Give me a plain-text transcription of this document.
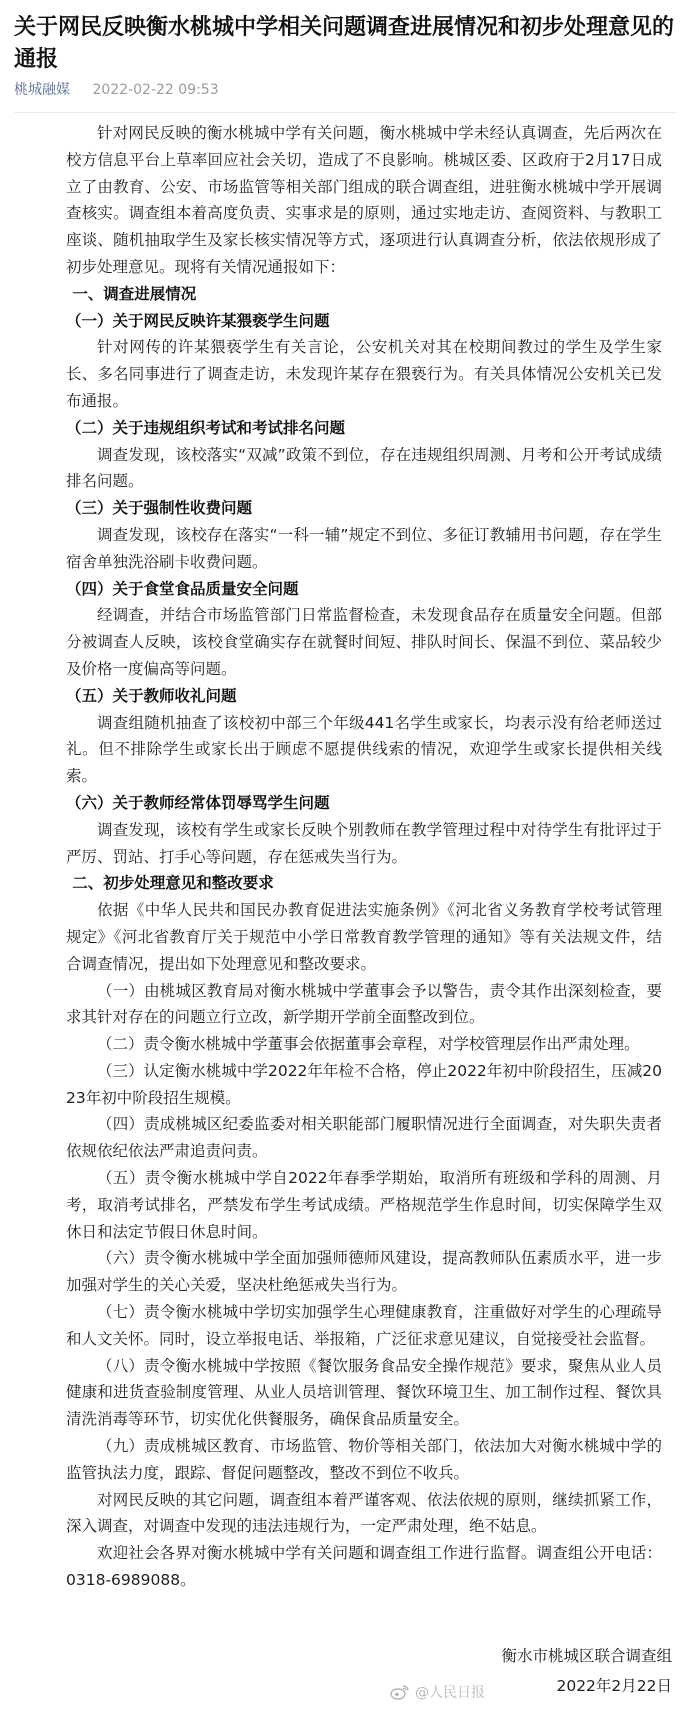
关于网民反映衡水桃城中学相关问题调查进展情况和初步处理意见的通报
桃城融媒 2022-02-22 09:53

针对网民反映的衡水桃城中学有关问题，衡水桃城中学未经认真调查，先后两次在校方信息平台上草率回应社会关切，造成了不良影响。桃城区委、区政府于2月17日成立了由教育、公安、市场监管等相关部门组成的联合调查组，进驻衡水桃城中学开展调查核实。调查组本着高度负责、实事求是的原则，通过实地走访、查阅资料、与教职工座谈、随机抽取学生及家长核实情况等方式，逐项进行认真调查分析，依法依规形成了初步处理意见。现将有关情况通报如下：

一、调查进展情况

（一）关于网民反映许某猥亵学生问题

针对网传的许某猥亵学生有关言论，公安机关对其在校期间教过的学生及学生家长、多名同事进行了调查走访，未发现许某存在猥亵行为。有关具体情况公安机关已发布通报。

（二）关于违规组织考试和考试排名问题

调查发现，该校落实“双减”政策不到位，存在违规组织周测、月考和公开考试成绩排名问题。

（三）关于强制性收费问题

调查发现，该校存在落实“一科一辅”规定不到位、多征订教辅用书问题，存在学生宿舍单独洗浴刷卡收费问题。

（四）关于食堂食品质量安全问题

经调查，并结合市场监管部门日常监督检查，未发现食品存在质量安全问题。但部分被调查人反映，该校食堂确实存在就餐时间短、排队时间长、保温不到位、菜品较少及价格一度偏高等问题。

（五）关于教师收礼问题

调查组随机抽查了该校初中部三个年级441名学生或家长，均表示没有给老师送过礼。但不排除学生或家长出于顾虑不愿提供线索的情况，欢迎学生或家长提供相关线索。

（六）关于教师经常体罚辱骂学生问题

调查发现，该校有学生或家长反映个别教师在教学管理过程中对待学生有批评过于严厉、罚站、打手心等问题，存在惩戒失当行为。

二、初步处理意见和整改要求

依据《中华人民共和国民办教育促进法实施条例》《河北省义务教育学校考试管理规定》《河北省教育厅关于规范中小学日常教育教学管理的通知》等有关法规文件，结合调查情况，提出如下处理意见和整改要求。

（一）由桃城区教育局对衡水桃城中学董事会予以警告，责令其作出深刻检查，要求其针对存在的问题立行立改，新学期开学前全面整改到位。

（二）责令衡水桃城中学董事会依据董事会章程，对学校管理层作出严肃处理。

（三）认定衡水桃城中学2022年年检不合格，停止2022年初中阶段招生，压减2023年初中阶段招生规模。

（四）责成桃城区纪委监委对相关职能部门履职情况进行全面调查，对失职失责者依规依纪依法严肃追责问责。

（五）责令衡水桃城中学自2022年春季学期始，取消所有班级和学科的周测、月考，取消考试排名，严禁发布学生考试成绩。严格规范学生作息时间，切实保障学生双休日和法定节假日休息时间。

（六）责令衡水桃城中学全面加强师德师风建设，提高教师队伍素质水平，进一步加强对学生的关心关爱，坚决杜绝惩戒失当行为。

（七）责令衡水桃城中学切实加强学生心理健康教育，注重做好对学生的心理疏导和人文关怀。同时，设立举报电话、举报箱，广泛征求意见建议，自觉接受社会监督。

（八）责令衡水桃城中学按照《餐饮服务食品安全操作规范》要求，聚焦从业人员健康和进货查验制度管理、从业人员培训管理、餐饮环境卫生、加工制作过程、餐饮具清洗消毒等环节，切实优化供餐服务，确保食品质量安全。

（九）责成桃城区教育、市场监管、物价等相关部门，依法加大对衡水桃城中学的监管执法力度，跟踪、督促问题整改，整改不到位不收兵。

对网民反映的其它问题，调查组本着严谨客观、依法依规的原则，继续抓紧工作，深入调查，对调查中发现的违法违规行为，一定严肃处理，绝不姑息。

欢迎社会各界对衡水桃城中学有关问题和调查组工作进行监督。调查组公开电话：0318-6989088。

衡水市桃城区联合调查组
2022年2月22日
@人民日报
